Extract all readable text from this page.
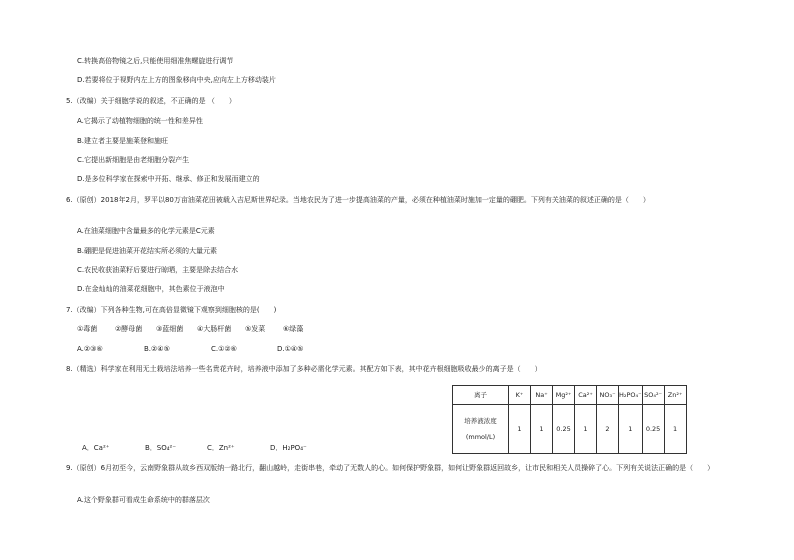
C.转换高倍物镜之后,只能使用细准焦螺旋进行调节
D.若要将位于视野内左上方的图象移向中央,应向左上方移动装片
5.（改编）关于细胞学说的叙述，不正确的是 （　　）
A.它揭示了动植物细胞的统一性和差异性
B.建立者主要是施莱登和施旺
C.它提出新细胞是由老细胞分裂产生
D.是多位科学家在探索中开拓、继承、修正和发展而建立的
6.（原创）2018年2月，罗平以80万亩油菜花田被载入吉尼斯世界纪录。当地农民为了进一步提高油菜的产量，必须在种植油菜时施加一定量的硼肥。下列有关油菜的叙述正确的是（　　）
A.在油菜细胞中含量最多的化学元素是C元素
B.硼肥是促进油菜开花结实所必须的大量元素
C.农民收获油菜籽后要进行晾晒，主要是除去结合水
D.在金灿灿的油菜花细胞中，其色素位于液泡中
7.（改编）下列各种生物,可在高倍显微镜下观察到细胞核的是(　　)
①毒菌	②酵母菌 ③蓝细菌 ④大肠杆菌 ⑤发菜	⑥绿藻
A.②③⑥	B.②④⑤	C.①②⑥	D.①④⑤
8.（精选）科学家在利用无土栽培法培养一些名贵花卉时，培养液中添加了多种必需化学元素。其配方如下表，其中花卉根细胞吸收最少的离子是（　　）
离子	K⁺	Na⁺	Mg²⁺	Ca²⁺	NO₃⁻	H₂PO₄⁻	SO₄²⁻	Zn²⁺
培养液浓度(mmol/L)	1	1	0.25	1	2	1	0.25	1
A．Ca²⁺	B．SO₄²⁻	C．Zn²⁺	D．H₂PO₄⁻
9.（原创）6月初至今，云南野象群从故乡西双版纳一路北行，翻山越岭，走街串巷，牵动了无数人的心。如何保护野象群，如何让野象群返回故乡，让市民和相关人员操碎了心。下列有关说法正确的是（　　）
A.这个野象群可看成生命系统中的群落层次
